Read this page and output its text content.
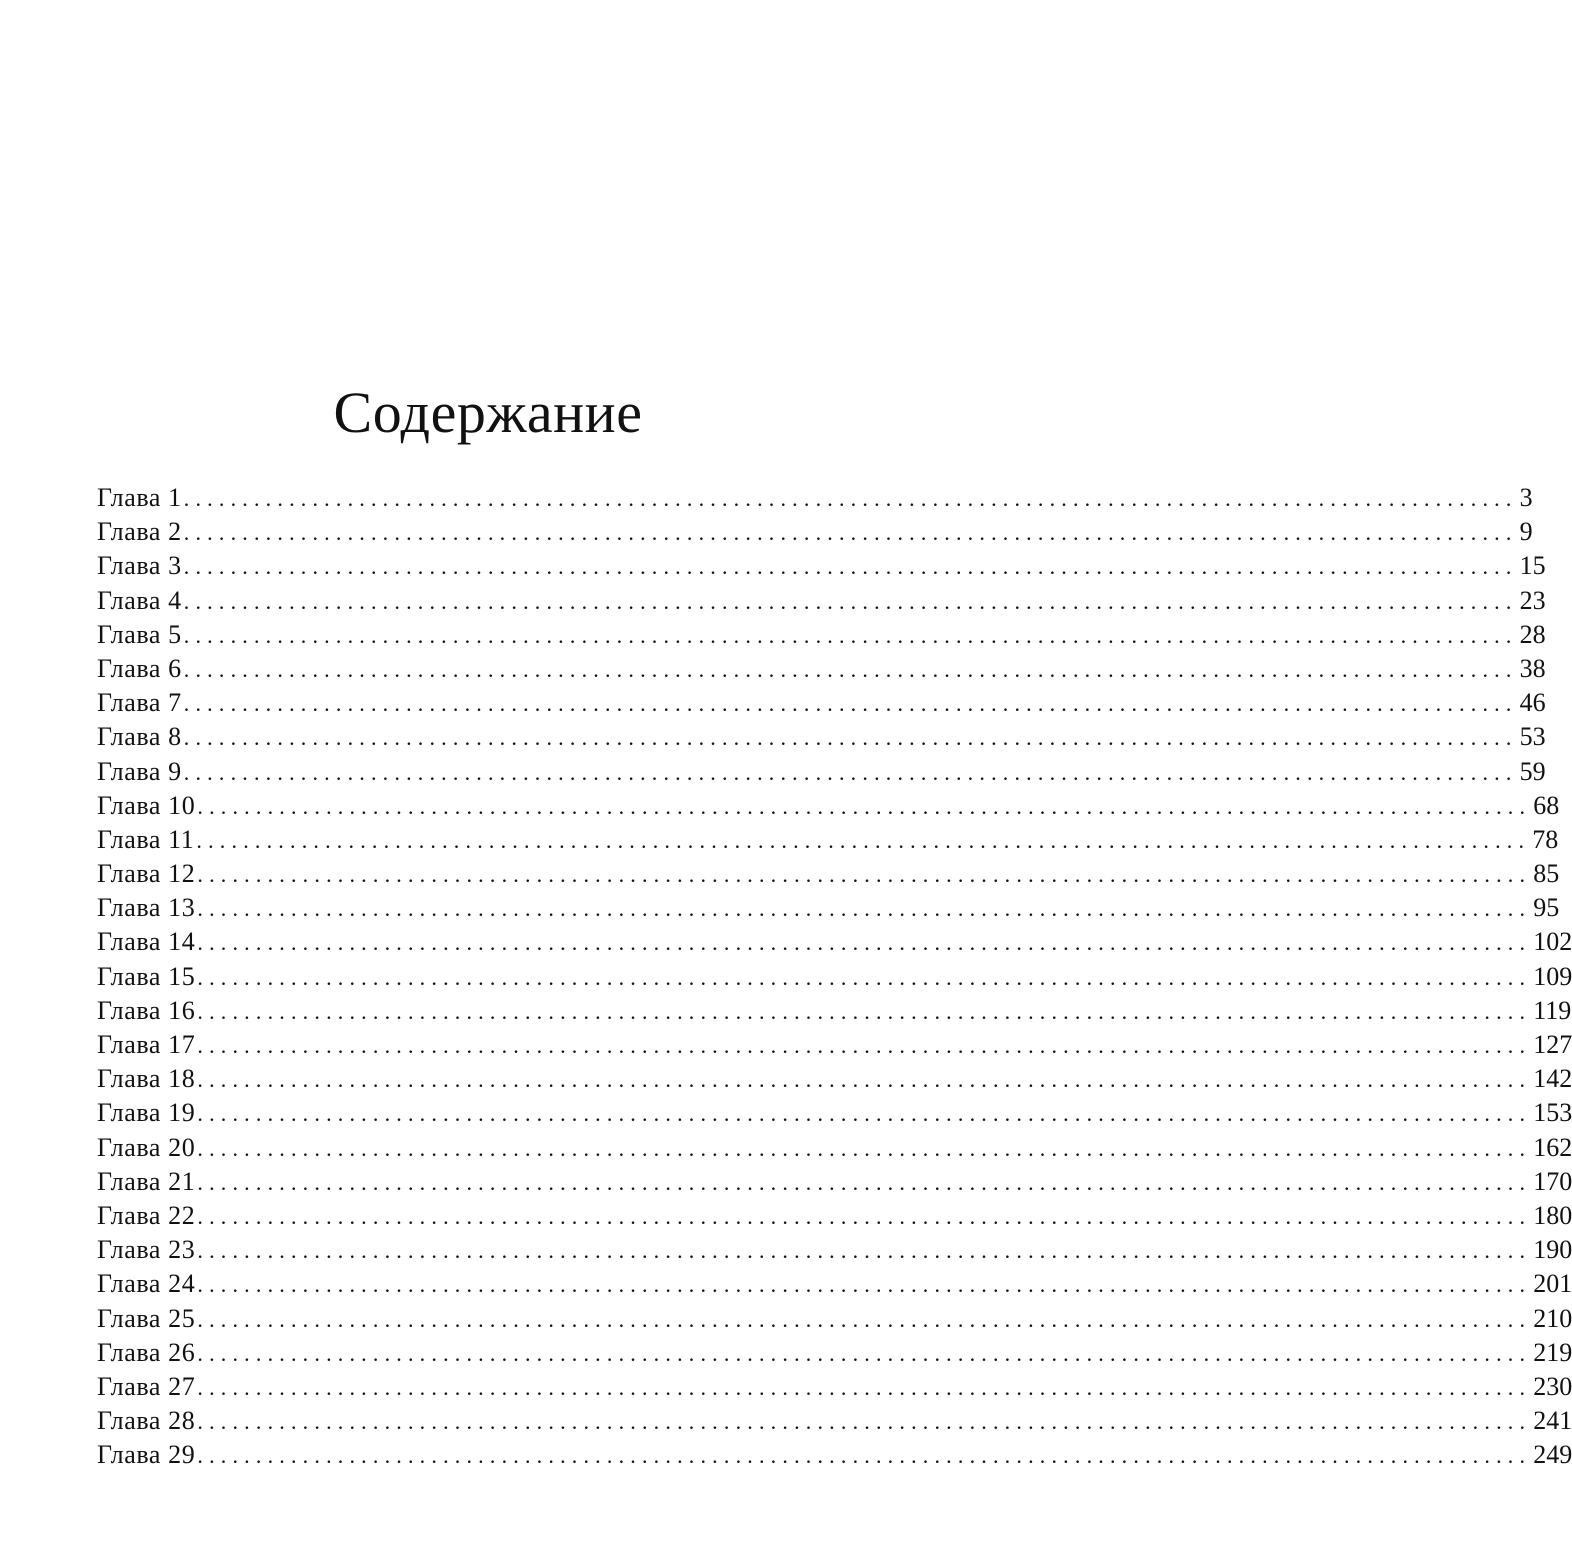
Содержание
Глава 1 .................................................................................................................. 3
Глава 2 .................................................................................................................. 9
Глава 3 .................................................................................................................. 15
Глава 4 .................................................................................................................. 23
Глава 5 .................................................................................................................. 28
Глава 6 .................................................................................................................. 38
Глава 7 .................................................................................................................. 46
Глава 8 .................................................................................................................. 53
Глава 9 .................................................................................................................. 59
Глава 10 .................................................................................................................. 68
Глава 11 .................................................................................................................. 78
Глава 12 .................................................................................................................. 85
Глава 13 .................................................................................................................. 95
Глава 14 .................................................................................................................. 102
Глава 15 .................................................................................................................. 109
Глава 16 .................................................................................................................. 119
Глава 17 .................................................................................................................. 127
Глава 18 .................................................................................................................. 142
Глава 19 .................................................................................................................. 153
Глава 20 .................................................................................................................. 162
Глава 21 .................................................................................................................. 170
Глава 22 .................................................................................................................. 180
Глава 23 .................................................................................................................. 190
Глава 24 .................................................................................................................. 201
Глава 25 .................................................................................................................. 210
Глава 26 .................................................................................................................. 219
Глава 27 .................................................................................................................. 230
Глава 28 .................................................................................................................. 241
Глава 29 .................................................................................................................. 249
